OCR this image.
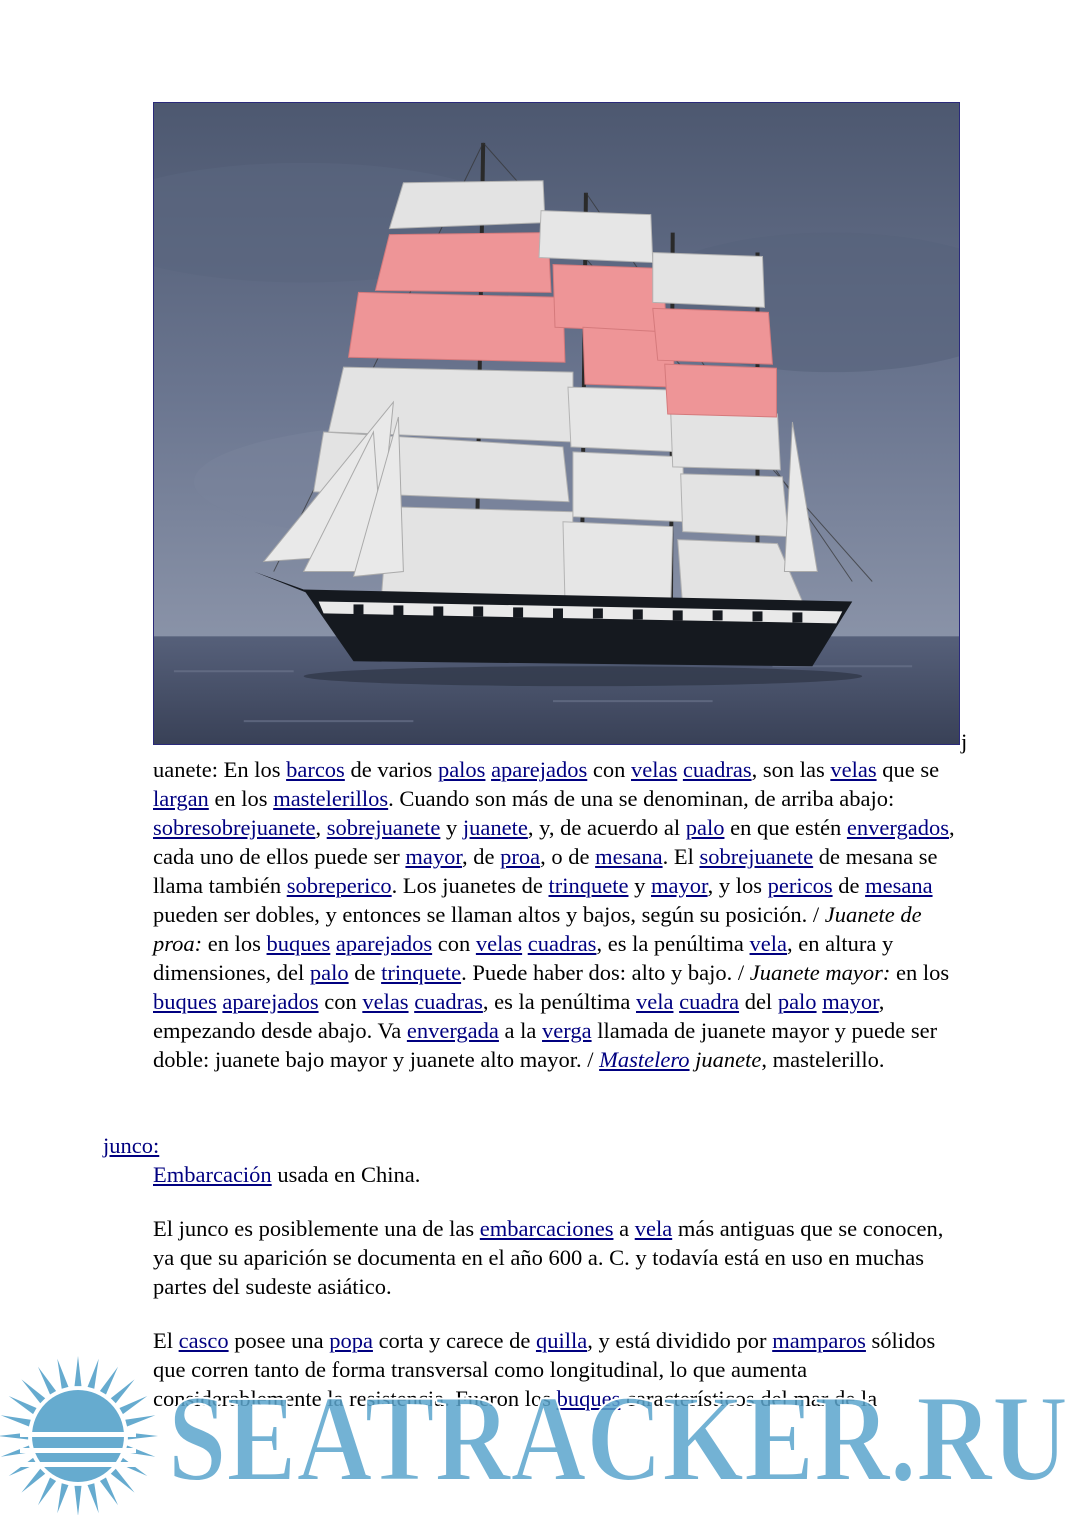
j
uanete: En los barcos de varios palos aparejados con velas cuadras, son las velas que se largan en los mastelerillos. Cuando son más de una se denominan, de arriba abajo: sobresobrejuanete, sobrejuanete y juanete, y, de acuerdo al palo en que estén envergados, cada uno de ellos puede ser mayor, de proa, o de mesana. El sobrejuanete de mesana se llama también sobreperico. Los juanetes de trinquete y mayor, y los pericos de mesana pueden ser dobles, y entonces se llaman altos y bajos, según su posición. / Juanete de proa: en los buques aparejados con velas cuadras, es la penúltima vela, en altura y dimensiones, del palo de trinquete. Puede haber dos: alto y bajo. / Juanete mayor: en los buques aparejados con velas cuadras, es la penúltima vela cuadra del palo mayor, empezando desde abajo. Va envergada a la verga llamada de juanete mayor y puede ser doble: juanete bajo mayor y juanete alto mayor. / Mastelero juanete, mastelerillo.
junco:
Embarcación usada en China.
El junco es posiblemente una de las embarcaciones a vela más antiguas que se conocen, ya que su aparición se documenta en el año 600 a. C. y todavía está en uso en muchas partes del sudeste asiático.
El casco posee una popa corta y carece de quilla, y está dividido por mamparos sólidos que corren tanto de forma transversal como longitudinal, lo que aumenta considerablemente la resistencia. Fueron los buques característicos del mar de la
SEATRACKER.RU
